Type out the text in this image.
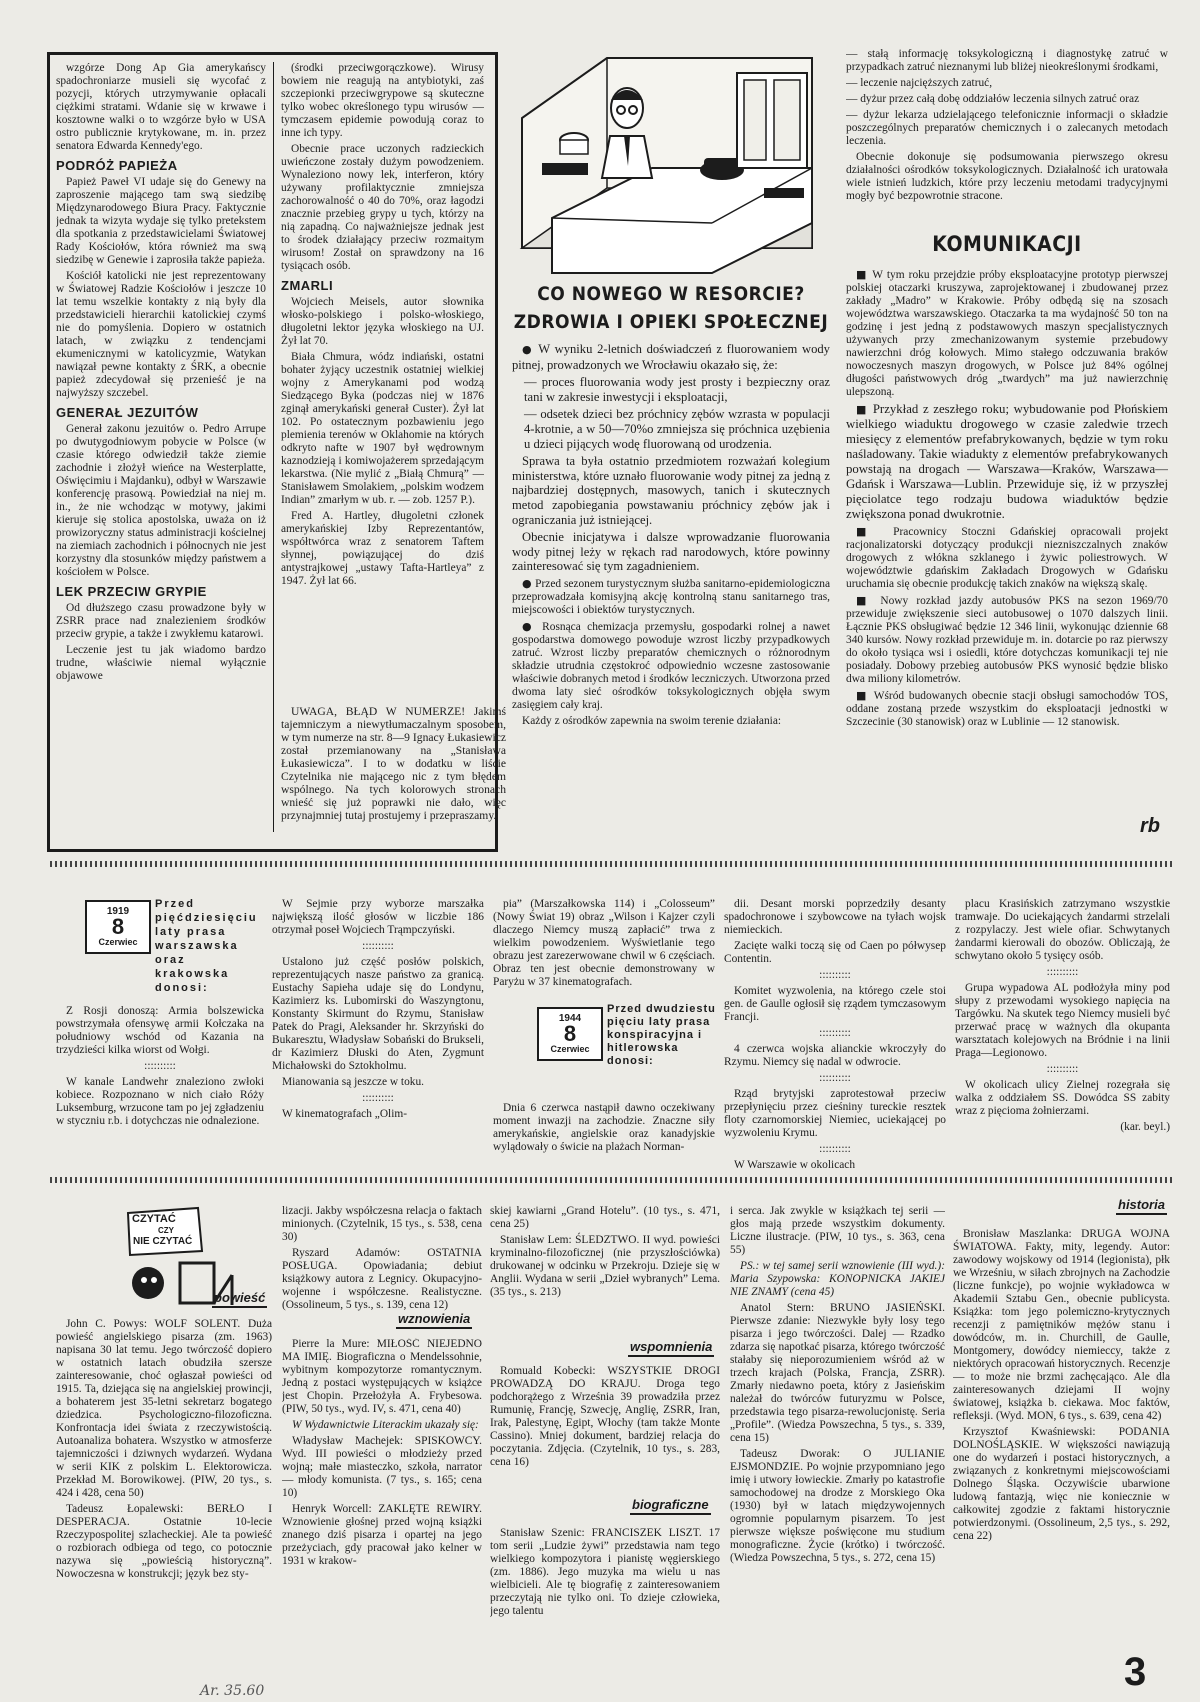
wzgórze Dong Ap Gia amerykańscy spadochroniarze musieli się wycofać z pozycji, których utrzymywanie opłacali ciężkimi stratami. Wdanie się w krwawe i kosztowne walki o to wzgórze było w USA ostro publicznie krytykowane, m. in. przez senatora Edwarda Kennedy'ego.

PODRÓŻ PAPIEŻA

Papież Paweł VI udaje się do Genewy na zaproszenie mającego tam swą siedzibę Międzynarodowego Biura Pracy. Faktycznie jednak ta wizyta wydaje się tylko pretekstem dla spotkania z przedstawicielami Światowej Rady Kościołów, która również ma swą siedzibę w Genewie i zaprosiła także papieża.

Kościół katolicki nie jest reprezentowany w Światowej Radzie Kościołów i jeszcze 10 lat temu wszelkie kontakty z nią były dla przedstawicieli hierarchii katolickiej czymś nie do pomyślenia. Dopiero w ostatnich latach, w związku z tendencjami ekumenicznymi w katolicyzmie, Watykan nawiązał pewne kontakty z ŚRK, a obecnie papież zdecydował się przenieść je na najwyższy szczebel.

GENERAŁ JEZUITÓW

Generał zakonu jezuitów o. Pedro Arrupe po dwutygodniowym pobycie w Polsce (w czasie którego odwiedził także ziemie zachodnie i złożył wieńce na Westerplatte, Oświęcimiu i Majdanku), odbył w Warszawie konferencję prasową. Powiedział na niej m. in., że nie wchodząc w motywy, jakimi kieruje się stolica apostolska, uważa on iż prowizoryczny status administracji kościelnej na ziemiach zachodnich i północnych nie jest korzystny dla stosunków między państwem a kościołem w Polsce.

LEK PRZECIW GRYPIE

Od dłuższego czasu prowadzone były w ZSRR prace nad znalezieniem środków przeciw grypie, a także i zwykłemu katarowi.

Leczenie jest tu jak wiadomo bardzo trudne, właściwie niemal wyłącznie objawowe

(środki przeciwgorączkowe). Wirusy bowiem nie reagują na antybiotyki, zaś szczepionki przeciwgrypowe są skuteczne tylko wobec określonego typu wirusów — tymczasem epidemie powodują coraz to inne ich typy.

Obecnie prace uczonych radzieckich uwieńczone zostały dużym powodzeniem. Wynaleziono nowy lek, interferon, który używany profilaktycznie zmniejsza zachorowalność o 40 do 70%, oraz łagodzi znacznie przebieg grypy u tych, którzy na nią zapadną. Co najważniejsze jednak jest to środek działający przeciw rozmaitym wirusom! Został on sprawdzony na 16 tysiącach osób.

ZMARLI

Wojciech Meisels, autor słownika włosko-polskiego i polsko-włoskiego, długoletni lektor języka włoskiego na UJ. Żył lat 70.

Biała Chmura, wódz indiański, ostatni bohater żyjący uczestnik ostatniej wielkiej wojny z Amerykanami pod wodzą Siedzącego Byka (podczas niej w 1876 zginął amerykański generał Custer). Żył lat 102. Po ostatecznym pozbawieniu jego plemienia terenów w Oklahomie na których odkryto nafte w 1907 był wędrownym kaznodzieją i komiwojażerem sprzedającym lekarstwa. (Nie mylić z „Białą Chmurą” — Stanisławem Smolakiem, „polskim wodzem Indian” zmarłym w ub. r. — zob. 1257 P.).

Fred A. Hartley, długoletni członek amerykańskiej Izby Reprezentantów, współtwórca wraz z senatorem Taftem słynnej, powiązującej do dziś antystrajkowej „ustawy Tafta-Hartleya” z 1947. Żył lat 66.

UWAGA, BŁĄD W NUMERZE! Jakimś tajemniczym a niewytłumaczalnym sposobem, w tym numerze na str. 8—9 Ignacy Łukasiewicz został przemianowany na „Stanisława Łukasiewicza”. I to w dodatku w liście Czytelnika nie mającego nic z tym błędem wspólnego. Na tych kolorowych stronach wnieść się już poprawki nie dało, więc przynajmniej tutaj prostujemy i przepraszamy.

CO NOWEGO W RESORCIE?
ZDROWIA I OPIEKI SPOŁECZNEJ

● W wyniku 2-letnich doświadczeń z fluorowaniem wody pitnej, prowadzonych we Wrocławiu okazało się, że:

— proces fluorowania wody jest prosty i bezpieczny oraz tani w zakresie inwestycji i eksploatacji,

— odsetek dzieci bez próchnicy zębów wzrasta w populacji 4-krotnie, a w 50—70%o zmniejsza się próchnica uzębienia u dzieci pijących wodę fluorowaną od urodzenia.

Sprawa ta była ostatnio przedmiotem rozważań kolegium ministerstwa, które uznało fluorowanie wody pitnej za jedną z najbardziej dostępnych, masowych, tanich i skutecznych metod zapobiegania powstawaniu próchnicy zębów jak i ograniczania już istniejącej.

Obecnie inicjatywa i dalsze wprowadzanie fluorowania wody pitnej leży w rękach rad narodowych, które powinny zainteresować się tym zagadnieniem.

● Przed sezonem turystycznym służba sanitarno-epidemiologiczna przeprowadzała komisyjną akcję kontrolną stanu sanitarnego tras, miejscowości i obiektów turystycznych.

● Rosnąca chemizacja przemysłu, gospodarki rolnej a nawet gospodarstwa domowego powoduje wzrost liczby przypadkowych zatruć. Wzrost liczby preparatów chemicznych o różnorodnym składzie utrudnia częstokroć odpowiednio wczesne zastosowanie właściwie dobranych metod i środków leczniczych. Utworzona przed dwoma laty sieć ośrodków toksykologicznych objęła swym zasięgiem cały kraj.

Każdy z ośrodków zapewnia na swoim terenie działania:

— stałą informację toksykologiczną i diagnostykę zatruć w przypadkach zatruć nieznanymi lub bliżej nieokreślonymi środkami,

— leczenie najcięższych zatruć,

— dyżur przez całą dobę oddziałów leczenia silnych zatruć oraz

— dyżur lekarza udzielającego telefonicznie informacji o składzie poszczególnych preparatów chemicznych i o zalecanych metodach leczenia.

Obecnie dokonuje się podsumowania pierwszego okresu działalności ośrodków toksykologicznych. Działalność ich uratowała wiele istnień ludzkich, które przy leczeniu metodami tradycyjnymi mogły być bezpowrotnie stracone.

KOMUNIKACJI

■ W tym roku przejdzie próby eksploatacyjne prototyp pierwszej polskiej otaczarki kruszywa, zaprojektowanej i zbudowanej przez zakłady „Madro” w Krakowie. Próby odbędą się na szosach województwa warszawskiego. Otaczarka ta ma wydajność 50 ton na godzinę i jest jedną z podstawowych maszyn specjalistycznych używanych przy zmechanizowanym systemie przebudowy nawierzchni dróg kołowych. Mimo stałego odczuwania braków nowoczesnych maszyn drogowych, w Polsce już 84% ogólnej długości państwowych dróg „twardych” ma już nawierzchnię ulepszoną.

■ Przykład z zeszłego roku; wybudowanie pod Płońskiem wielkiego wiaduktu drogowego w czasie zaledwie trzech miesięcy z elementów prefabrykowanych, będzie w tym roku naśladowany. Takie wiadukty z elementów prefabrykowanych powstają na drogach — Warszawa—Kraków, Warszawa—Gdańsk i Warszawa—Lublin. Przewiduje się, iż w przyszłej pięciolatce tego rodzaju budowa wiaduktów będzie zwiększona ponad dwukrotnie.

■ Pracownicy Stoczni Gdańskiej opracowali projekt racjonalizatorski dotyczący produkcji niezniszczalnych znaków drogowych z włókna szklanego i żywic poliestrowych. W województwie gdańskim Zakładach Drogowych w Gdańsku uruchamia się obecnie produkcję takich znaków na większą skalę.

■ Nowy rozkład jazdy autobusów PKS na sezon 1969/70 przewiduje zwiększenie sieci autobusowej o 1070 dalszych linii. Łącznie PKS obsługiwać będzie 12 346 linii, wykonując dziennie 68 340 kursów. Nowy rozkład przewiduje m. in. dotarcie po raz pierwszy do około tysiąca wsi i osiedli, które dotychczas komunikacji tej nie posiadały. Dobowy przebieg autobusów PKS wynosić będzie blisko dwa miliony kilometrów.

■ Wśród budowanych obecnie stacji obsługi samochodów TOS, oddane zostaną przede wszystkim do eksploatacji jednostki w Szczecinie (30 stanowisk) oraz w Lublinie — 12 stanowisk.

rb
1919
8
Czerwiec
Przed pięćdziesięciu laty prasa warszawska oraz krakowska donosi:

Z Rosji donoszą: Armia bolszewicka powstrzymała ofensywę armii Kołczaka na południowy wschód od Kazania na trzydzieści kilka wiorst od Wołgi.

::::::::::

W kanale Landwehr znaleziono zwłoki kobiece. Rozpoznano w nich ciało Róży Luksemburg, wrzucone tam po jej zgładzeniu w styczniu r.b. i dotychczas nie odnalezione.

W Sejmie przy wyborze marszałka największą ilość głosów w liczbie 186 otrzymał poseł Wojciech Trąmpczyński.

::::::::::

Ustalono już część posłów polskich, reprezentujących nasze państwo za granicą. Eustachy Sapieha udaje się do Londynu, Kazimierz ks. Lubomirski do Waszyngtonu, Konstanty Skirmunt do Rzymu, Stanisław Patek do Pragi, Aleksander hr. Skrzyński do Bukaresztu, Władysław Sobański do Brukseli, dr Kazimierz Dłuski do Aten, Zygmunt Michałowski do Sztokholmu.

Mianowania są jeszcze w toku.

::::::::::

W kinematografach „Olim-

pia” (Marszałkowska 114) i „Colosseum” (Nowy Świat 19) obraz „Wilson i Kajzer czyli dlaczego Niemcy muszą zapłacić” trwa z wielkim powodzeniem. Wyświetlanie tego obrazu jest zarezerwowane chwil w 6 częściach. Obraz ten jest obecnie demonstrowany w Paryżu w 37 kinematografach.

1944
8
Czerwiec
Przed dwudziestu pięciu laty prasa konspiracyjna i hitlerowska donosi:

Dnia 6 czerwca nastąpił dawno oczekiwany moment inwazji na zachodzie. Znaczne siły amerykańskie, angielskie oraz kanadyjskie wylądowały o świcie na plażach Norman-

dii. Desant morski poprzedziły desanty spadochronowe i szybowcowe na tyłach wojsk niemieckich.

Zacięte walki toczą się od Caen po półwysep Contentin.

::::::::::

Komitet wyzwolenia, na którego czele stoi gen. de Gaulle ogłosił się rządem tymczasowym Francji.

::::::::::

4 czerwca wojska alianckie wkroczyły do Rzymu. Niemcy się nadal w odwrocie.

::::::::::

Rząd brytyjski zaprotestował przeciw przepłynięciu przez cieśniny tureckie resztek floty czarnomorskiej Niemiec, uciekającej po wyzwoleniu Krymu.

::::::::::

W Warszawie w okolicach

placu Krasińskich zatrzymano wszystkie tramwaje. Do uciekających żandarmi strzelali z rozpylaczy. Jest wiele ofiar. Schwytanych żandarmi kierowali do obozów. Obliczają, że schwytano około 5 tysięcy osób.

::::::::::

Grupa wypadowa AL podłożyła miny pod słupy z przewodami wysokiego napięcia na Targówku. Na skutek tego Niemcy musieli być przerwać pracę w ważnych dla okupanta warsztatach kolejowych na Bródnie i na linii Praga—Legionowo.

::::::::::

W okolicach ulicy Zielnej rozegrała się walka z oddziałem SS. Dowódca SS zabity wraz z pięcioma żołnierzami.

(kar. beyl.)

CZYTAĆ
CZY
NIE CZYTAĆ
powieść

John C. Powys: WOLF SOLENT. Duża powieść angielskiego pisarza (zm. 1963) napisana 30 lat temu. Jego twórczość dopiero w ostatnich latach obudziła szersze zainteresowanie, choć ogłaszał powieści od 1915. Ta, dziejąca się na angielskiej prowincji, a bohaterem jest 35-letni sekretarz bogatego dziedzica. Psychologiczno-filozoficzna. Konfrontacja idei świata z rzeczywistością. Autoanaliza bohatera. Wszystko w atmosferze tajemniczości i dziwnych wydarzeń. Wydana w serii KIK z polskim L. Elektorowicza. Przekład M. Borowikowej. (PIW, 20 tys., s. 424 i 428, cena 50)

Tadeusz Łopalewski: BERŁO I DESPERACJA. Ostatnie 10-lecie Rzeczypospolitej szlacheckiej. Ale ta powieść o rozbiorach odbiega od tego, co potocznie nazywa się „powieścią historyczną”. Nowoczesna w konstrukcji; język bez sty-

lizacji. Jakby współczesna relacja o faktach minionych. (Czytelnik, 15 tys., s. 538, cena 30)

Ryszard Adamów: OSTATNIA POSŁUGA. Opowiadania; debiut książkowy autora z Legnicy. Okupacyjno-wojenne i współczesne. Realistyczne. (Ossolineum, 5 tys., s. 139, cena 12)

wznowienia

Pierre la Mure: MIŁOŚĆ NIEJEDNO MA IMIĘ. Biograficzna o Mendelssohnie, wybitnym kompozytorze romantycznym. Jedną z postaci występujących w książce jest Chopin. Przełożyła A. Frybesowa. (PIW, 50 tys., wyd. IV, s. 471, cena 40)

W Wydawnictwie Literackim ukazały się:

Władysław Machejek: SPISKOWCY. Wyd. III powieści o młodzieży przed wojną; małe miasteczko, szkoła, narrator — młody komunista. (7 tys., s. 165; cena 10)

Henryk Worcell: ZAKLĘTE REWIRY. Wznowienie głośnej przed wojną książki znanego dziś pisarza i opartej na jego przeżyciach, gdy pracował jako kelner w 1931 w krakow-

skiej kawiarni „Grand Hotelu”. (10 tys., s. 471, cena 25)

Stanisław Lem: ŚLEDZTWO. II wyd. powieści kryminalno-filozoficznej (nie przyszłościówka) drukowanej w odcinku w Przekroju. Dzieje się w Anglii. Wydana w serii „Dzieł wybranych” Lema. (35 tys., s. 213)

wspomnienia

Romuald Kobecki: WSZYSTKIE DROGI PROWADZĄ DO KRAJU. Droga tego podchorążego z Września 39 prowadziła przez Rumunię, Francję, Szwecję, Anglię, ZSRR, Iran, Irak, Palestynę, Egipt, Włochy (tam także Monte Cassino). Mniej dokument, bardziej relacja do poczytania. Zdjęcia. (Czytelnik, 10 tys., s. 283, cena 16)

biograficzne

Stanisław Szenic: FRANCISZEK LISZT. 17 tom serii „Ludzie żywi” przedstawia nam tego wielkiego kompozytora i pianistę węgierskiego (zm. 1886). Jego muzyka ma wielu u nas wielbicieli. Ale tę biografię z zainteresowaniem przeczytają nie tylko oni. To dzieje człowieka, jego talentu

i serca. Jak zwykle w książkach tej serii — głos mają przede wszystkim dokumenty. Liczne ilustracje. (PIW, 10 tys., s. 363, cena 55)

PS.: w tej samej serii wznowienie (III wyd.): Maria Szypowska: KONOPNICKA JAKIEJ NIE ZNAMY (cena 45)

Anatol Stern: BRUNO JASIEŃSKI. Pierwsze zdanie: Niezwykłe były losy tego pisarza i jego twórczości. Dalej — Rzadko zdarza się napotkać pisarza, którego twórczość stałaby się nieporozumieniem wśród aż w trzech krajach (Polska, Francja, ZSRR). Zmarły niedawno poeta, który z Jasieńskim należał do twórców futuryzmu w Polsce, przedstawia tego pisarza-rewolucjonistę. Seria „Profile”. (Wiedza Powszechna, 5 tys., s. 339, cena 15)

Tadeusz Dworak: O JULIANIE EJSMONDZIE. Po wojnie przypomniano jego imię i utwory łowieckie. Zmarły po katastrofie samochodowej na drodze z Morskiego Oka (1930) był w latach międzywojennych ogromnie popularnym pisarzem. To jest pierwsze większe poświęcone mu studium monograficzne. Życie (krótko) i twórczość. (Wiedza Powszechna, 5 tys., s. 272, cena 15)

historia

Bronisław Maszlanka: DRUGA WOJNA ŚWIATOWA. Fakty, mity, legendy. Autor: zawodowy wojskowy od 1914 (legionista), płk we Wrześniu, w siłach zbrojnych na Zachodzie (liczne funkcje), po wojnie wykładowca w Akademii Sztabu Gen., obecnie publicysta. Książka: tom jego polemiczno-krytycznych recenzji z pamiętników mężów stanu i dowódców, m. in. Churchill, de Gaulle, Montgomery, dowódcy niemieccy, także z niektórych opracowań historycznych. Recenzje — to może nie brzmi zachęcająco. Ale dla zainteresowanych dziejami II wojny światowej, książka b. ciekawa. Moc faktów, refleksji. (Wyd. MON, 6 tys., s. 639, cena 42)

Krzysztof Kwaśniewski: PODANIA DOLNOŚLĄSKIE. W większości nawiązują one do wydarzeń i postaci historycznych, a związanych z konkretnymi miejscowościami Dolnego Śląska. Oczywiście ubarwione ludową fantazją, więc nie koniecznie w całkowitej zgodzie z faktami historycznie potwierdzonymi. (Ossolineum, 2,5 tys., s. 292, cena 22)

3
Ar. 35.60
